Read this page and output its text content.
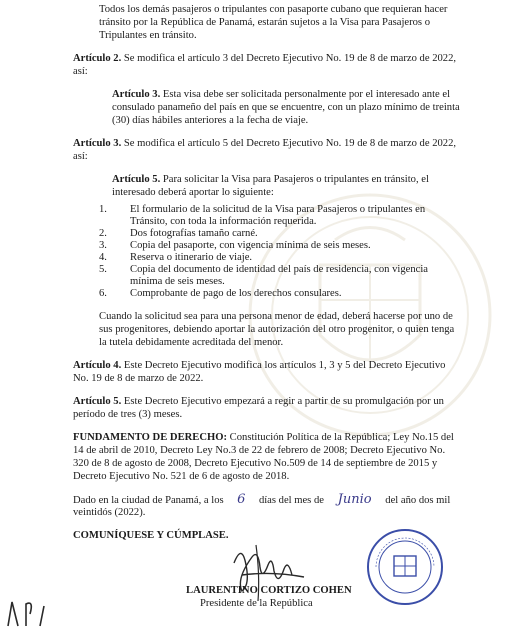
Todos los demás pasajeros o tripulantes con pasaporte cubano que requieran hacer

tránsito por la República de Panamá, estarán sujetos a la Visa para Pasajeros o

Tripulantes en tránsito.

Artículo 2. Se modifica el artículo 3 del Decreto Ejecutivo No. 19 de 8 de marzo de 2022,

así:

Artículo 3. Esta visa debe ser solicitada personalmente por el interesado ante el

consulado panameño del país en que se encuentre, con un plazo mínimo de treinta

(30) días hábiles anteriores a la fecha de viaje.

Artículo 3. Se modifica el artículo 5 del Decreto Ejecutivo No. 19 de 8 de marzo de 2022,

así:

Artículo 5. Para solicitar la Visa para Pasajeros o tripulantes en tránsito, el

interesado deberá aportar lo siguiente:

1. El formulario de la solicitud de la Visa para Pasajeros o tripulantes en

Tránsito, con toda la información requerida.

2. Dos fotografías tamaño carné.

3. Copia del pasaporte, con vigencia mínima de seis meses.

4. Reserva o itinerario de viaje.

5. Copia del documento de identidad del país de residencia, con vigencia

mínima de seis meses.

6. Comprobante de pago de los derechos consulares.

Cuando la solicitud sea para una persona menor de edad, deberá hacerse por uno de

sus progenitores, debiendo aportar la autorización del otro progenitor, o quien tenga

la tutela debidamente acreditada del menor.

Artículo 4. Este Decreto Ejecutivo modifica los artículos 1, 3 y 5 del Decreto Ejecutivo

No. 19 de 8 de marzo de 2022.

Artículo 5. Este Decreto Ejecutivo empezará a regir a partir de su promulgación por un

período de tres (3) meses.

FUNDAMENTO DE DERECHO: Constitución Política de la República; Ley No.15 del

14 de abril de 2010, Decreto Ley No.3 de 22 de febrero de 2008; Decreto Ejecutivo No.

320 de 8 de agosto de 2008, Decreto Ejecutivo No.509 de 14 de septiembre de 2015 y

Decreto Ejecutivo No. 521 de 6 de agosto de 2018.

Dado en la ciudad de Panamá, a los 6 días del mes de Junio del año dos mil

veintidós (2022).

COMUNÍQUESE Y CÚMPLASE.

LAURENTINO CORTIZO COHEN

Presidente de la República
